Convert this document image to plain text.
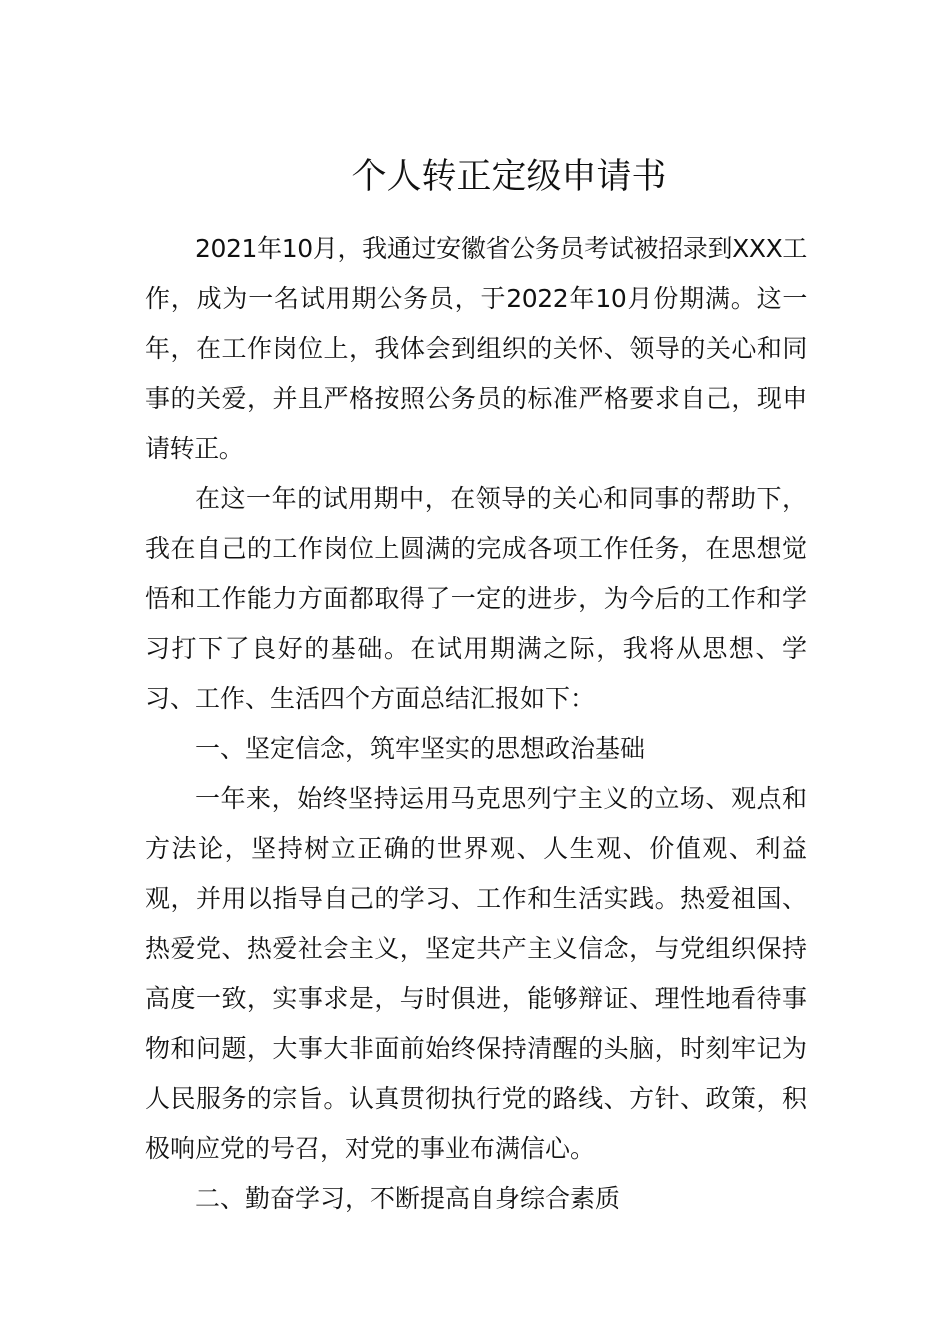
个人转正定级申请书

2021年10月，我通过安徽省公务员考试被招录到XXX工作，成为一名试用期公务员，于2022年10月份期满。这一年，在工作岗位上，我体会到组织的关怀、领导的关心和同事的关爱，并且严格按照公务员的标准严格要求自己，现申请转正。

在这一年的试用期中，在领导的关心和同事的帮助下，我在自己的工作岗位上圆满的完成各项工作任务，在思想觉悟和工作能力方面都取得了一定的进步，为今后的工作和学习打下了良好的基础。在试用期满之际，我将从思想、学习、工作、生活四个方面总结汇报如下：

一、坚定信念，筑牢坚实的思想政治基础

一年来，始终坚持运用马克思列宁主义的立场、观点和方法论，坚持树立正确的世界观、人生观、价值观、利益观，并用以指导自己的学习、工作和生活实践。热爱祖国、热爱党、热爱社会主义，坚定共产主义信念，与党组织保持高度一致，实事求是，与时俱进，能够辩证、理性地看待事物和问题，大事大非面前始终保持清醒的头脑，时刻牢记为人民服务的宗旨。认真贯彻执行党的路线、方针、政策，积极响应党的号召，对党的事业布满信心。

二、勤奋学习，不断提高自身综合素质
